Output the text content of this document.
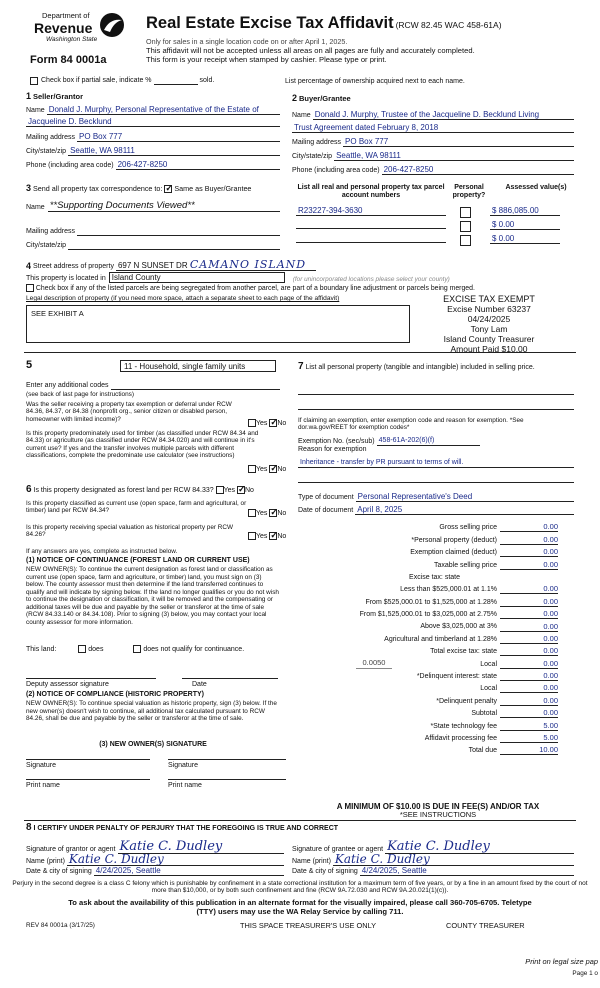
Department of
Revenue
Washington State
Form 84 0001a
Real Estate Excise Tax Affidavit (RCW 82.45 WAC 458-61A)
Only for sales in a single location code on or after April 1, 2025.
This affidavit will not be accepted unless all areas on all pages are fully and accurately completed.
This form is your receipt when stamped by cashier. Please type or print.
Check box if partial sale, indicate %	sold.	List percentage of ownership acquired next to each name.
1 Seller/Grantor
Name Donald J. Murphy, Personal Representative of the Estate of
Jacqueline D. Becklund
Mailing address PO Box 777
City/state/zip Seattle, WA 98111
Phone (including area code) 206-427-8250
2 Buyer/Grantee
Name Donald J. Murphy, Trustee of the Jacqueline D. Becklund Living
Trust Agreement dated February 8, 2018
Mailing address PO Box 777
City/state/zip Seattle, WA 98111
Phone (including area code) 206-427-8250
3 Send all property tax correspondence to: ✓ Same as Buyer/Grantee
Name **Supporting Documents Viewed**
Mailing address
City/state/zip
List all real and personal property tax parcel account numbers
Personal property?
Assessed value(s)
R23227-394-3630	$ 886,085.00
$ 0.00
$ 0.00
4 Street address of property 697 N SUNSET DR CAMANO ISLAND
This property is located in Island County	(for unincorporated locations please select your county)
Check box if any of the listed parcels are being segregated from another parcel, are part of a boundary line adjustment or parcels being merged.
Legal description of property (if you need more space, attach a separate sheet to each page of the affidavit)
SEE EXHIBIT A
EXCISE TAX EXEMPT
Excise Number 63237
04/24/2025
Tony Lam
Island County Treasurer
Amount Paid $10.00
5	11 - Household, single family units
Enter any additional codes
(see back of last page for instructions)
Was the seller receiving a property tax exemption or deferral under RCW 84.36, 84.37, or 84.38 (nonprofit org., senior citizen or disabled person, homeowner with limited income)?
Yes ✓ No
Is this property predominately used for timber (as classified under RCW 84.34 and 84.33) or agriculture (as classified under RCW 84.34.020) and will continue in it's current use? If yes and the transfer involves multiple parcels with different classifications, complete the predominate use calculator (see instructions)
Yes ✓ No
6 Is this property designated as forest land per RCW 84.33? Yes ✓ No
Is this property classified as current use (open space, farm and agricultural, or timber) land per RCW 84.34?	Yes ✓ No
Is this property receiving special valuation as historical property per RCW 84.26?	Yes ✓ No
If any answers are yes, complete as instructed below.
(1) NOTICE OF CONTINUANCE (FOREST LAND OR CURRENT USE)
NEW OWNER(S): To continue the current designation as forest land or classification as current use (open space, farm and agriculture, or timber) land, you must sign on (3) below. The county assessor must then determine if the land transferred continues to qualify and will indicate by signing below. If the land no longer qualifies or you do not wish to continue the designation or classification, it will be removed and the compensating or additional taxes will be due and payable by the seller or transferor at the time of sale (RCW 84.33.140 or 84.34.108). Prior to signing (3) below, you may contact your local county assessor for more information.
This land:	does	does not qualify for continuance.
Deputy assessor signature	Date
(2) NOTICE OF COMPLIANCE (HISTORIC PROPERTY)
NEW OWNER(S): To continue special valuation as historic property, sign (3) below. If the new owner(s) doesn't wish to continue, all additional tax calculated pursuant to RCW 84.26, shall be due and payable by the seller or transferor at the time of sale.
(3) NEW OWNER(S) SIGNATURE
Signature	Signature
Print name	Print name
7 List all personal property (tangible and intangible) included in selling price.
If claiming an exemption, enter exemption code and reason for exemption. *See dor.wa.gov/REET for exemption codes*
Exemption No. (sec/sub) 458-61A-202(6)(f)
Reason for exemption
Inheritance - transfer by PR pursuant to terms of will.
Type of document Personal Representative's Deed
Date of document April 8, 2025
Gross selling price	0.00
*Personal property (deduct)	0.00
Exemption claimed (deduct)	0.00
Taxable selling price	0.00
Excise tax: state
Less than $525,000.01 at 1.1%	0.00
From $525,000.01 to $1,525,000 at 1.28%	0.00
From $1,525,000.01 to $3,025,000 at 2.75%	0.00
Above $3,025,000 at 3%	0.00
Agricultural and timberland at 1.28%	0.00
Total excise tax: state	0.00
0.0050	Local	0.00
*Delinquent interest: state	0.00
Local	0.00
*Delinquent penalty	0.00
Subtotal	0.00
*State technology fee	5.00
Affidavit processing fee	5.00
Total due	10.00
A MINIMUM OF $10.00 IS DUE IN FEE(S) AND/OR TAX
*SEE INSTRUCTIONS
8 I CERTIFY UNDER PENALTY OF PERJURY THAT THE FOREGOING IS TRUE AND CORRECT
Signature of grantor or agent Katie C. Dudley
Name (print) Katie C. Dudley
Date & city of signing 4/24/2025, Seattle
Signature of grantee or agent Katie C. Dudley
Name (print) Katie C. Dudley
Date & city of signing 4/24/2025, Seattle
Perjury in the second degree is a class C felony which is punishable by confinement in a state correctional institution for a maximum term of five years, or by a fine in an amount fixed by the court of not more than $10,000, or by both such confinement and fine (RCW 9A.72.030 and RCW 9A.20.021(1)(c)).
To ask about the availability of this publication in an alternate format for the visually impaired, please call 360-705-6705. Teletype
(TTY) users may use the WA Relay Service by calling 711.
REV 84 0001a (3/17/25)	THIS SPACE TREASURER'S USE ONLY	COUNTY TREASURER
Print on legal size pap
Page 1 o
